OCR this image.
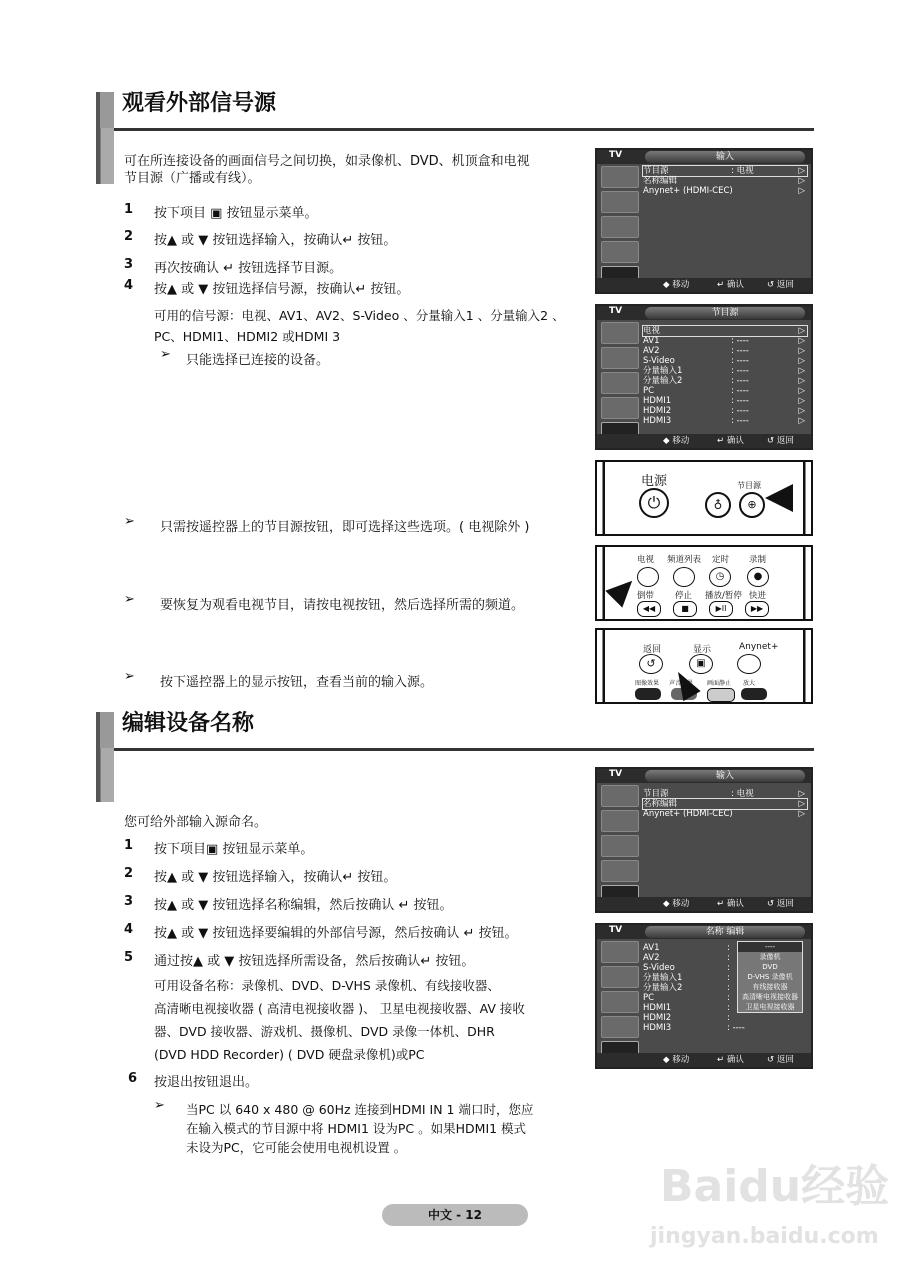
观看外部信号源
可在所连接设备的画面信号之间切换，如录像机、DVD、机顶盒和电视
节目源（广播或有线）。
1 按下项目 ▣ 按钮显示菜单。
2 按▲ 或 ▼ 按钮选择输入，按确认↵ 按钮。
3 再次按确认 ↵ 按钮选择节目源。
4 按▲ 或 ▼ 按钮选择信号源，按确认↵ 按钮。
可用的信号源：电视、AV1、AV2、S-Video 、分量输入1 、分量输入2 、
PC、HDMI1、HDMI2 或HDMI 3
➢ 只能选择已连接的设备。
➢ 只需按遥控器上的节目源按钮，即可选择这些选项。( 电视除外 )
➢ 要恢复为观看电视节目，请按电视按钮，然后选择所需的频道。
➢ 按下遥控器上的显示按钮，查看当前的输入源。
TV	输入
节目源	: 电视	▷
名称编辑	▷
Anynet+ (HDMI-CEC)	▷
◆ 移动	↵ 确认	↺ 返回
TV	节目源
电视	▷
AV1	: ----	▷
AV2	: ----	▷
S-Video	: ----	▷
分量输入1	: ----	▷
分量输入2	: ----	▷
PC	: ----	▷
HDMI1	: ----	▷
HDMI2	: ----	▷
HDMI3	: ----	▷
◆ 移动	↵ 确认	↺ 返回
电源
⏻	♁
节目源
⊕
电视 频道列表 定时 录制
◷	●
倒带 停止 播放/暂停 快进
◀◀	■	▶II	▶▶
返回	显示	Anynet+
↺	▣
图像效果 声音效果 画面静止 放大
编辑设备名称
您可给外部输入源命名。
1 按下项目▣ 按钮显示菜单。
2 按▲ 或 ▼ 按钮选择输入，按确认↵ 按钮。
3 按▲ 或 ▼ 按钮选择名称编辑，然后按确认 ↵ 按钮。
4 按▲ 或 ▼ 按钮选择要编辑的外部信号源，然后按确认 ↵ 按钮。
5 通过按▲ 或 ▼ 按钮选择所需设备，然后按确认↵ 按钮。
可用设备名称：录像机、DVD、D-VHS 录像机、有线接收器、
高清晰电视接收器 ( 高清电视接收器 )、 卫星电视接收器、AV 接收
器、DVD 接收器、游戏机、摄像机、DVD 录像一体机、DHR
(DVD HDD Recorder) ( DVD 硬盘录像机)或PC
6 按退出按钮退出。
➢ 当PC 以 640 x 480 @ 60Hz 连接到HDMI IN 1 端口时，您应
在输入模式的节目源中将 HDMI1 设为PC 。如果HDMI1 模式
未设为PC，它可能会使用电视机设置 。
TV	输入
节目源	: 电视	▷
名称编辑	▷
Anynet+ (HDMI-CEC)	▷
◆ 移动	↵ 确认	↺ 返回
TV	名称 编辑
AV1	:
AV2	:
S-Video	:
分量输入1	:
分量输入2	:
PC	:
HDMI1	:
HDMI2	:
HDMI3	: ----
----
录像机
DVD
D-VHS 录像机
有线接收器
高清晰电视接收器
卫星电视接收器
◆ 移动	↵ 确认	↺ 返回
中文 - 12
Baidu经验
jingyan.baidu.com
